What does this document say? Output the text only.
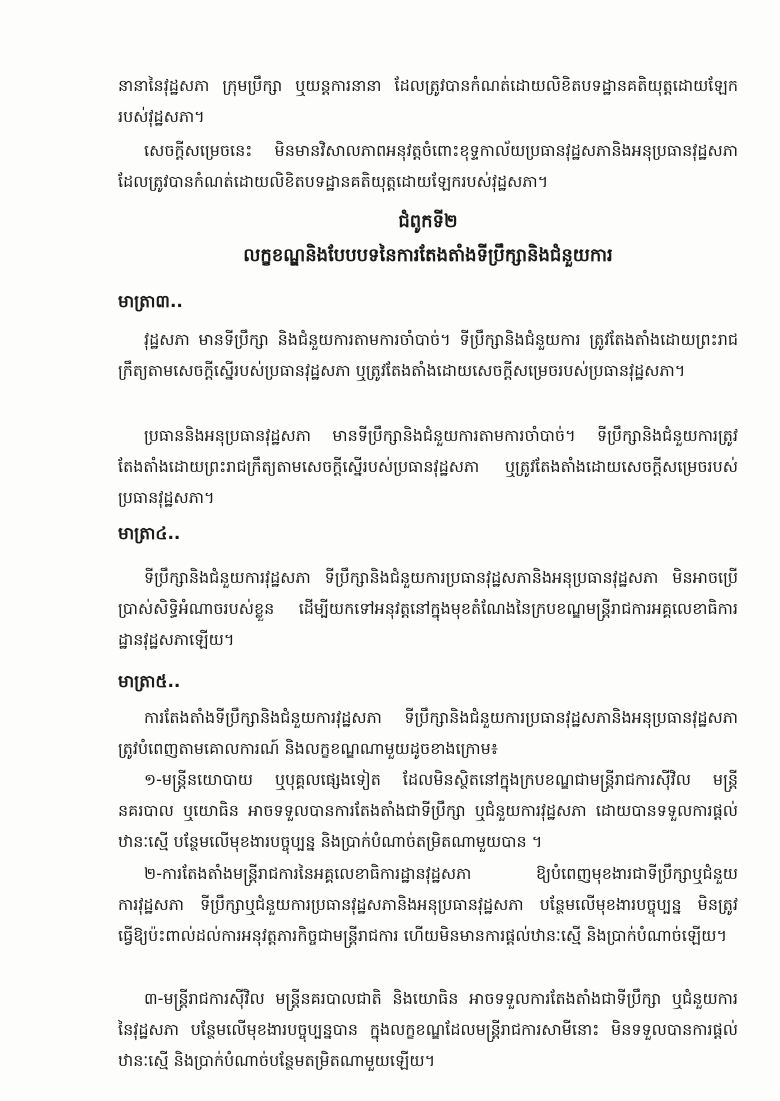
នានានៃវុដ្ឋសភា ក្រុមប្រឹក្សា ឬយន្តការនានា ដែលត្រូវបានកំណត់ដោយលិខិតបទដ្ឋានគតិយុត្តដោយឡែករបស់វុដ្ឋសភា។

សេចក្តីសម្រេចនេះ មិនមានវិសាលភាពអនុវត្តចំពោះខុទ្ទកាល័យប្រធានវុដ្ឋសភានិងអនុប្រធានវុដ្ឋសភា ដែលត្រូវបានកំណត់ដោយលិខិតបទដ្ឋានគតិយុត្តដោយឡែករបស់វុដ្ឋសភា។

ជំពូកទី២

លក្ខខណ្ឌនិងបែបបទនៃការតែងតាំងទីប្រឹក្សានិងជំនួយការ

មាត្រា៣..

វុដ្ឋសភា មានទីប្រឹក្សា និងជំនួយការតាមការចាំបាច់។ ទីប្រឹក្សានិងជំនួយការ ត្រូវតែងតាំងដោយព្រះរាជក្រឹត្យតាមសេចក្តីស្នើរបស់ប្រធានវុដ្ឋសភា ឬត្រូវតែងតាំងដោយសេចក្តីសម្រេចរបស់ប្រធានវុដ្ឋសភា។

ប្រធាននិងអនុប្រធានវុដ្ឋសភា មានទីប្រឹក្សានិងជំនួយការតាមការចាំបាច់។ ទីប្រឹក្សានិងជំនួយការត្រូវតែងតាំងដោយព្រះរាជក្រឹត្យតាមសេចក្តីស្នើរបស់ប្រធានវុដ្ឋសភា ឬត្រូវតែងតាំងដោយសេចក្តីសម្រេចរបស់ប្រធានវុដ្ឋសភា។

មាត្រា៤..

ទីប្រឹក្សានិងជំនួយការវុដ្ឋសភា ទីប្រឹក្សានិងជំនួយការប្រធានវុដ្ឋសភានិងអនុប្រធានវុដ្ឋសភា មិនអាចប្រើប្រាស់សិទ្ធិអំណាចរបស់ខ្លួន ដើម្បីយកទៅអនុវត្តនៅក្នុងមុខតំណែងនៃក្របខណ្ឌមន្ត្រីរាជការអគ្គលេខាធិការដ្ឋានវុដ្ឋសភាឡើយ។

មាត្រា៥..

ការតែងតាំងទីប្រឹក្សានិងជំនួយការវុដ្ឋសភា ទីប្រឹក្សានិងជំនួយការប្រធានវុដ្ឋសភានិងអនុប្រធានវុដ្ឋសភា ត្រូវបំពេញតាមគោលការណ៍ និងលក្ខខណ្ឌណាមួយដូចខាងក្រោម៖

១-មន្ត្រីនយោបាយ ឬបុគ្គលផ្សេងទៀត ដែលមិនស្ថិតនៅក្នុងក្របខណ្ឌជាមន្ត្រីរាជការស៊ីវិល មន្ត្រីនគរបាល ឬយោធិន អាចទទួលបានការតែងតាំងជាទីប្រឹក្សា ឬជំនួយការវុដ្ឋសភា ដោយបានទទួលការផ្តល់ឋានៈស្មើ បន្ថែមលើមុខងារបច្ចុប្បន្ន និងប្រាក់បំណាច់តម្រិតណាមួយបាន ។

២-ការតែងតាំងមន្ត្រីរាជការនៃអគ្គលេខាធិការដ្ឋានវុដ្ឋសភា ឱ្យបំពេញមុខងារជាទីប្រឹក្សាឬជំនួយការវុដ្ឋសភា ទីប្រឹក្សាឬជំនួយការប្រធានវុដ្ឋសភានិងអនុប្រធានវុដ្ឋសភា បន្ថែមលើមុខងារបច្ចុប្បន្ន មិនត្រូវធ្វើឱ្យប៉ះពាល់ដល់ការអនុវត្តភារកិច្ចជាមន្ត្រីរាជការ ហើយមិនមានការផ្តល់ឋានៈស្មើ និងប្រាក់បំណាច់ឡើយ។

៣-មន្ត្រីរាជការស៊ីវិល មន្ត្រីនគរបាលជាតិ និងយោធិន អាចទទួលការតែងតាំងជាទីប្រឹក្សា ឬជំនួយការនៃវុដ្ឋសភា បន្ថែមលើមុខងារបច្ចុប្បន្នបាន ក្នុងលក្ខខណ្ឌដែលមន្ត្រីរាជការសាមីនោះ មិនទទួលបានការផ្តល់ឋានៈស្មើ និងប្រាក់បំណាច់បន្ថែមតម្រិតណាមួយឡើយ។
